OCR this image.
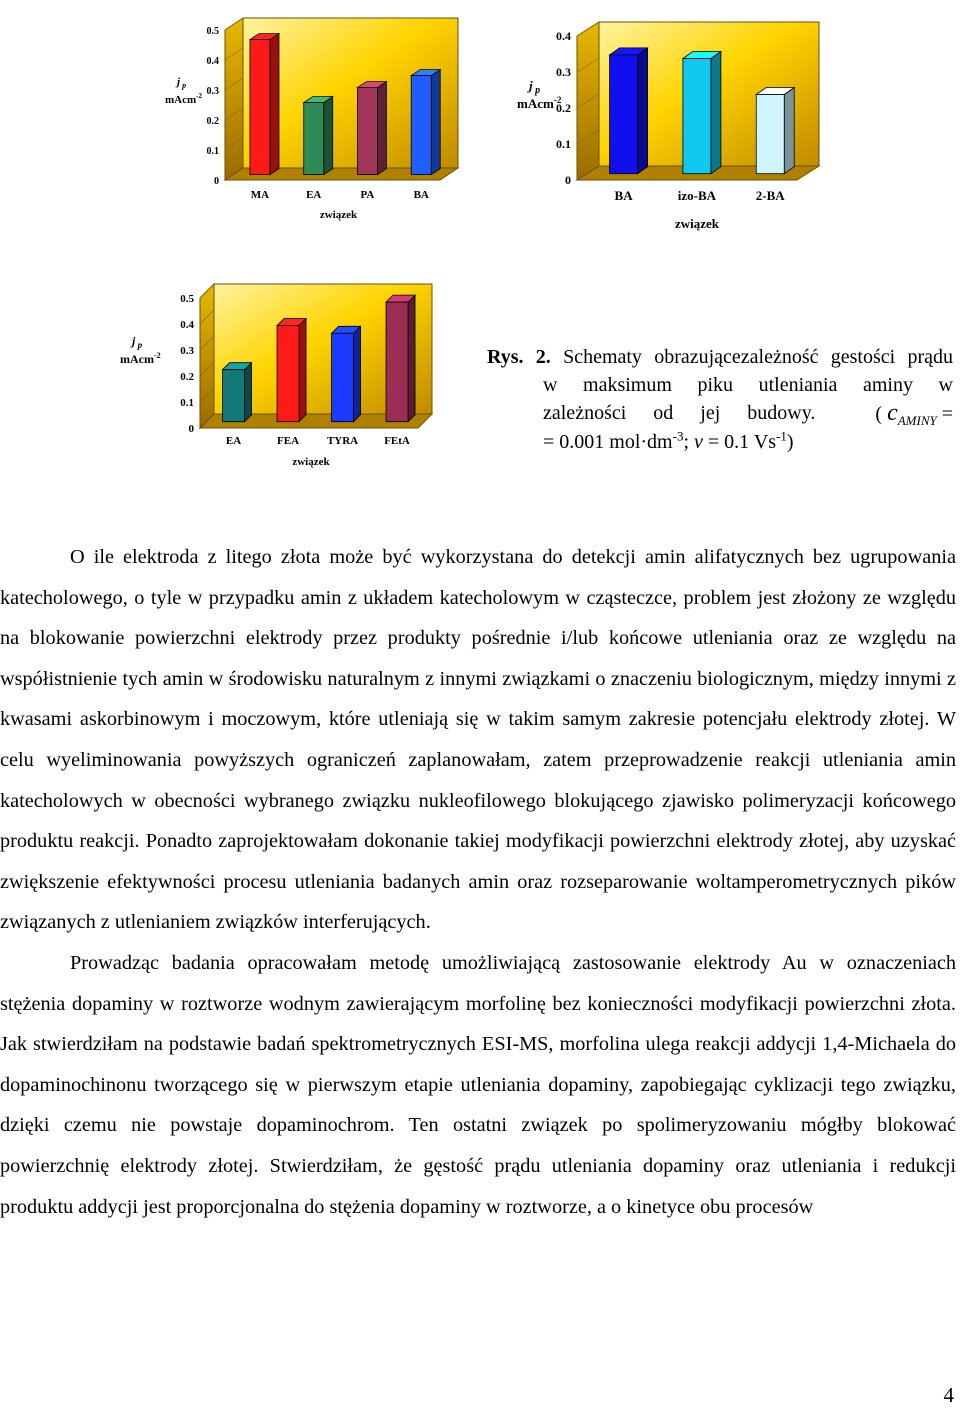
0
0.1
0.2
0.3
0.4
0.5
MA	EA	PA	BA
j $_p$
mAcm$^{-2}$
związek
0
0.1
0.2
0.3
0.4
BA	izo-BA	2-BA
j $_p$
mAcm$^{-2}$
związek
0
0.1
0.2
0.3
0.4
0.5
EA	FEA	TYRA FEtA
j $_p$
mAcm$^{-2}$
związek
Rys. 2. Schematy obrazującezależność gestości prądu
w maksimum piku utleniania aminy w
zależności od jej budowy.	( $c_{AMINY}$ =
= 0.001 $mol\cdot dm^{-3}$; v = 0.1 $Vs^{-1}$)

O ile elektroda z litego złota może być wykorzystana do detekcji amin alifatycznych bez ugrupowania katecholowego, o tyle w przypadku amin z układem katecholowym w cząsteczce, problem jest złożony ze względu na blokowanie powierzchni elektrody przez produkty pośrednie i/lub końcowe utleniania oraz ze względu na współistnienie tych amin w środowisku naturalnym z innymi związkami o znaczeniu biologicznym, między innymi z kwasami askorbinowym i moczowym, które utleniają się w takim samym zakresie potencjału elektrody złotej. W celu wyeliminowania powyższych ograniczeń zaplanowałam, zatem przeprowadzenie reakcji utleniania amin katecholowych w obecności wybranego związku nukleofilowego blokującego zjawisko polimeryzacji końcowego produktu reakcji. Ponadto zaprojektowałam dokonanie takiej modyfikacji powierzchni elektrody złotej, aby uzyskać zwiększenie efektywności procesu utleniania badanych amin oraz rozseparowanie woltamperometrycznych pików związanych z utlenianiem związków interferujących.

Prowadząc badania opracowałam metodę umożliwiającą zastosowanie elektrody Au w oznaczeniach stężenia dopaminy w roztworze wodnym zawierającym morfolinę bez konieczności modyfikacji powierzchni złota. Jak stwierdziłam na podstawie badań spektrometrycznych ESI-MS, morfolina ulega reakcji addycji 1,4-Michaela do dopaminochinonu tworzącego się w pierwszym etapie utleniania dopaminy, zapobiegając cyklizacji tego związku, dzięki czemu nie powstaje dopaminochrom. Ten ostatni związek po spolimeryzowaniu mógłby blokować powierzchnię elektrody złotej. Stwierdziłam, że gęstość prądu utleniania dopaminy oraz utleniania i redukcji produktu addycji jest proporcjonalna do stężenia dopaminy w roztworze, a o kinetyce obu procesów

4
